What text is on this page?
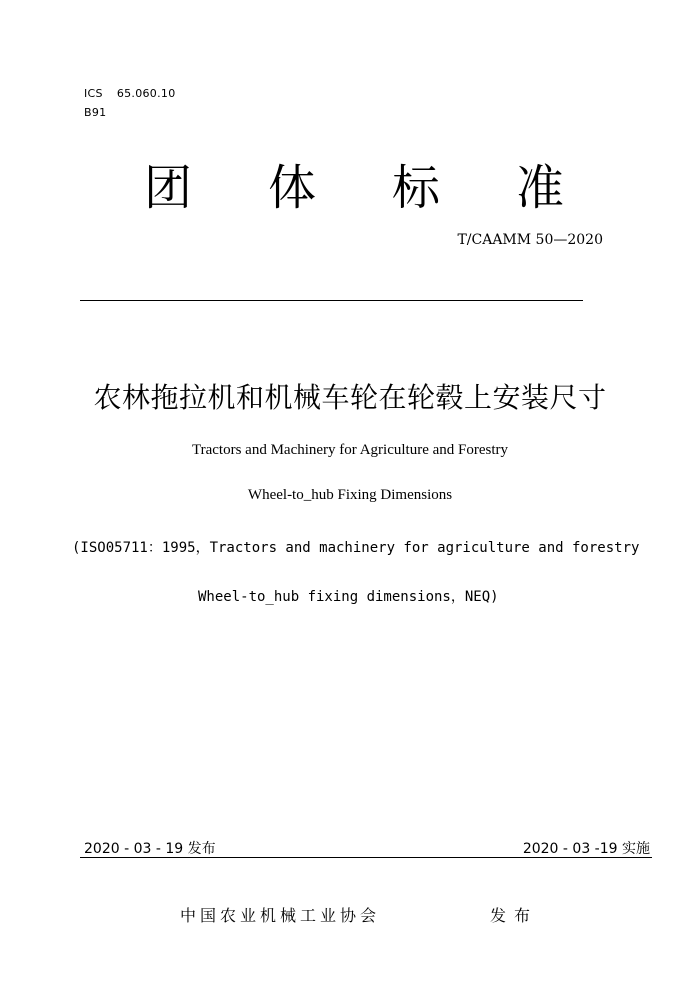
ICS 65.060.10
B91
团 体 标 准
T/CAAMM 50—2020
农林拖拉机和机械车轮在轮毂上安装尺寸
Tractors and Machinery for Agriculture and Forestry
Wheel-to_hub Fixing Dimensions
(ISO05711：1995，Tractors and machinery for agriculture and forestry
Wheel-to_hub fixing dimensions，NEQ)
2020 - 03 - 19 发布	2020 - 03 -19 实施
中国农业机械工业协会	发布
